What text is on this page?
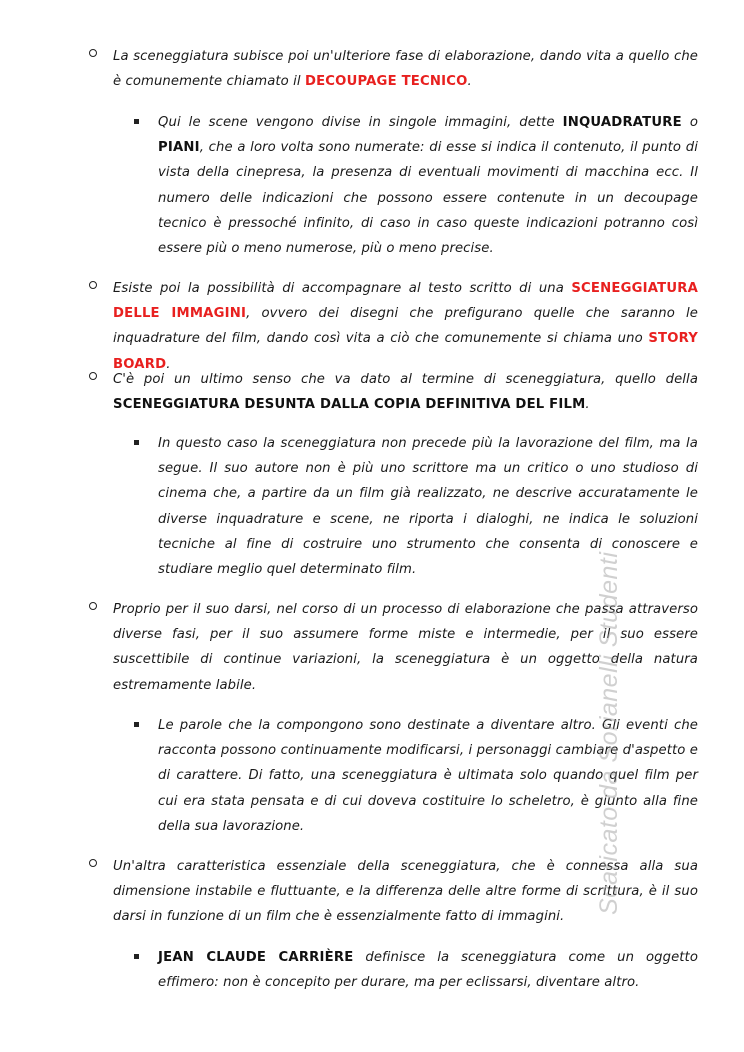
La sceneggiatura subisce poi un'ulteriore fase di elaborazione, dando vita a quello che è comunemente chiamato il DECOUPAGE TECNICO.
Qui le scene vengono divise in singole immagini, dette INQUADRATURE o PIANI, che a loro volta sono numerate: di esse si indica il contenuto, il punto di vista della cinepresa, la presenza di eventuali movimenti di macchina ecc. Il numero delle indicazioni che possono essere contenute in un decoupage tecnico è pressoché infinito, di caso in caso queste indicazioni potranno così essere più o meno numerose, più o meno precise.
Esiste poi la possibilità di accompagnare al testo scritto di una SCENEGGIATURA DELLE IMMAGINI, ovvero dei disegni che prefigurano quelle che saranno le inquadrature del film, dando così vita a ciò che comunemente si chiama uno STORY BOARD.
C'è poi un ultimo senso che va dato al termine di sceneggiatura, quello della SCENEGGIATURA DESUNTA DALLA COPIA DEFINITIVA DEL FILM.
In questo caso la sceneggiatura non precede più la lavorazione del film, ma la segue. Il suo autore non è più uno scrittore ma un critico o uno studioso di cinema che, a partire da un film già realizzato, ne descrive accuratamente le diverse inquadrature e scene, ne riporta i dialoghi, ne indica le soluzioni tecniche al fine di costruire uno strumento che consenta di conoscere e studiare meglio quel determinato film.
Proprio per il suo darsi, nel corso di un processo di elaborazione che passa attraverso diverse fasi, per il suo assumere forme miste e intermedie, per il suo essere suscettibile di continue variazioni, la sceneggiatura è un oggetto della natura estremamente labile.
Le parole che la compongono sono destinate a diventare altro. Gli eventi che racconta possono continuamente modificarsi, i personaggi cambiare d'aspetto e di carattere. Di fatto, una sceneggiatura è ultimata solo quando quel film per cui era stata pensata e di cui doveva costituire lo scheletro, è giunto alla fine della sua lavorazione.
Un'altra caratteristica essenziale della sceneggiatura, che è connessa alla sua dimensione instabile e fluttuante, e la differenza delle altre forme di scrittura, è il suo darsi in funzione di un film che è essenzialmente fatto di immagini.
JEAN CLAUDE CARRIÈRE definisce la sceneggiatura come un oggetto effimero: non è concepito per durare, ma per eclissarsi, diventare altro.
Scaricato da Sorianelli Studenti
